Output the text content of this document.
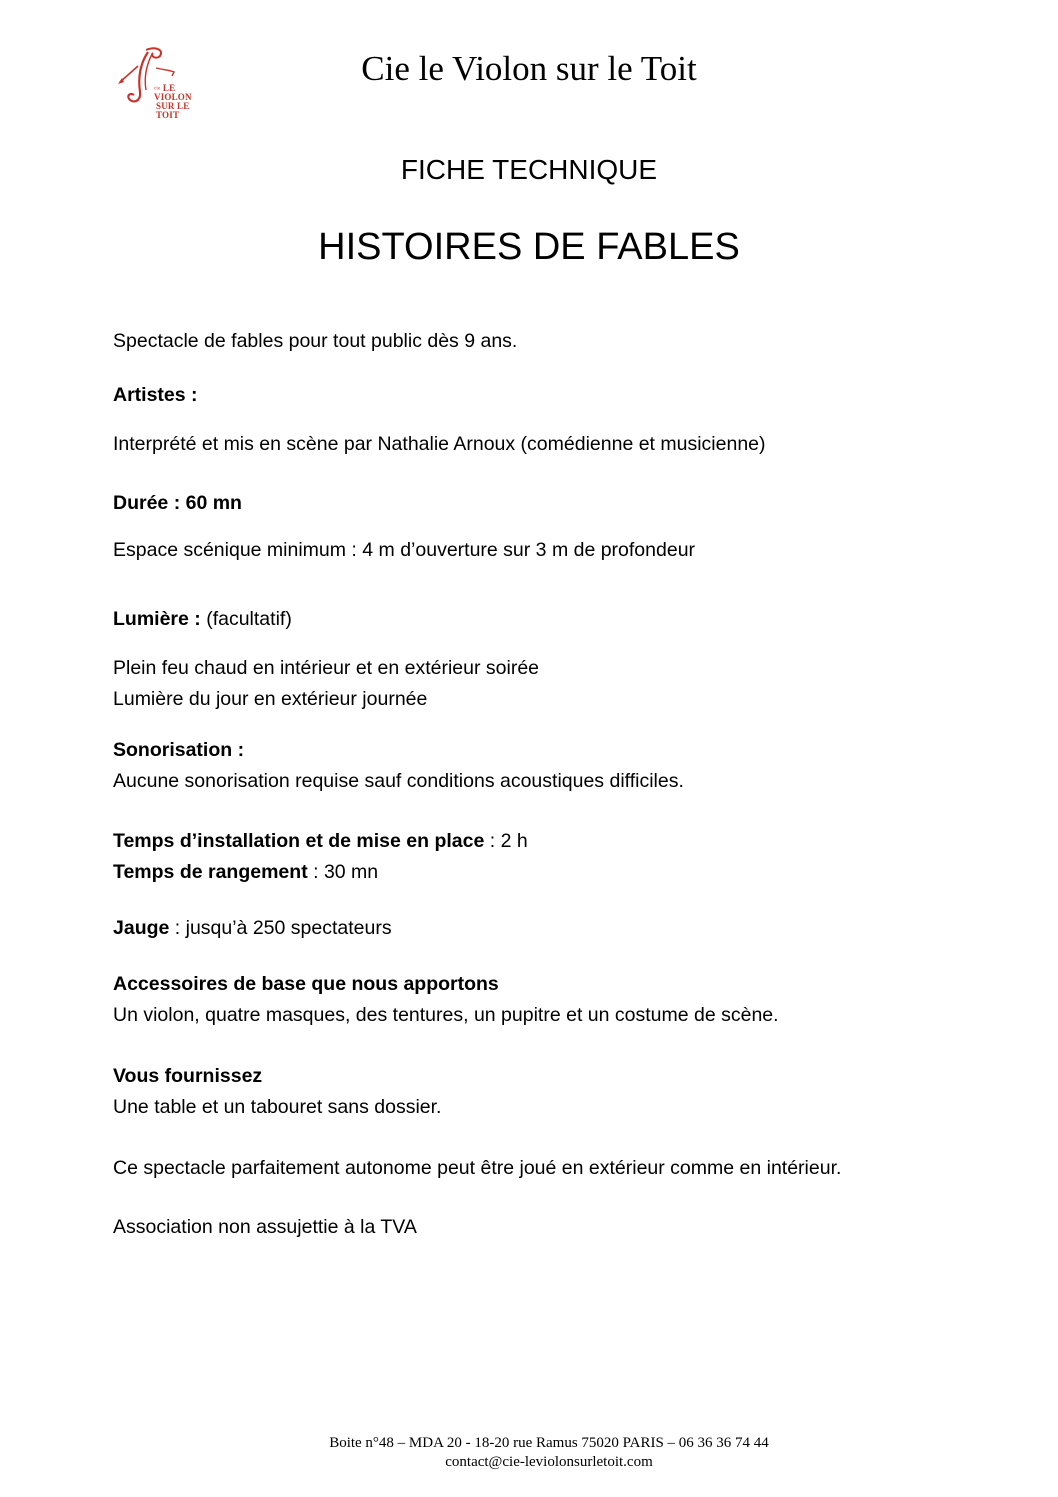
cie LE VIOLON
SUR LE TOIT
Cie le Violon sur le Toit
FICHE TECHNIQUE
HISTOIRES DE FABLES
Spectacle de fables pour tout public dès 9 ans.
Artistes :
Interprété et mis en scène par Nathalie Arnoux (comédienne et musicienne)
Durée : 60 mn
Espace scénique minimum : 4 m d’ouverture sur 3 m de profondeur
Lumière : (facultatif)
Plein feu chaud en intérieur et en extérieur soirée
Lumière du jour en extérieur journée
Sonorisation :
Aucune sonorisation requise sauf conditions acoustiques difficiles.
Temps d’installation et de mise en place : 2 h
Temps de rangement : 30 mn
Jauge : jusqu’à 250 spectateurs
Accessoires de base que nous apportons
Un violon, quatre masques, des tentures, un pupitre et un costume de scène.
Vous fournissez
Une table et un tabouret sans dossier.
Ce spectacle parfaitement autonome peut être joué en extérieur comme en intérieur.
Association non assujettie à la TVA
Boite n°48 – MDA 20 - 18-20 rue Ramus 75020 PARIS – 06 36 36 74 44
contact@cie-leviolonsurletoit.com
